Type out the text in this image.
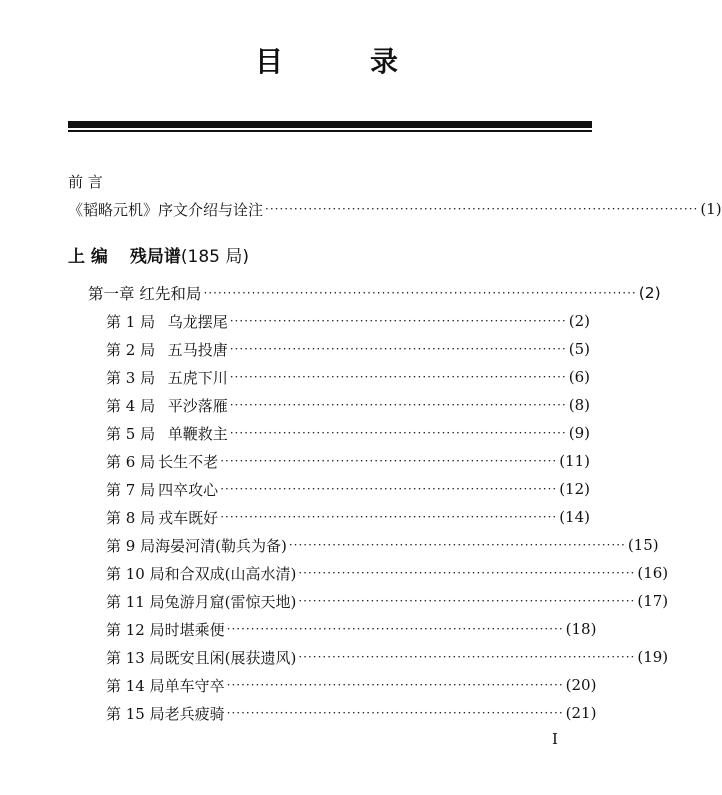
目	录
前 言
《韬略元机》序文介绍与诠注 ·························································································· (1)
上 编 残局谱(185 局)
第一章 红先和局 ·························································································· (2)
第 1 局 乌龙摆尾 ······································································ (2)
第 2 局 五马投唐 ······································································ (5)
第 3 局 五虎下川 ······································································ (6)
第 4 局 平沙落雁 ······································································ (8)
第 5 局 单鞭救主 ······································································ (9)
第 6 局 长生不老 ······································································ (11)
第 7 局 四卒攻心 ······································································ (12)
第 8 局 戎车既好 ······································································ (14)
第 9 局 海晏河清(勒兵为备) ······································································ (15)
第 10 局 和合双成(山高水清) ······································································ (16)
第 11 局 兔游月窟(雷惊天地) ······································································ (17)
第 12 局 时堪乘便 ······································································ (18)
第 13 局 既安且闲(展获遗风) ······································································ (19)
第 14 局 单车守卒 ······································································ (20)
第 15 局 老兵疲骑 ······································································ (21)
I
